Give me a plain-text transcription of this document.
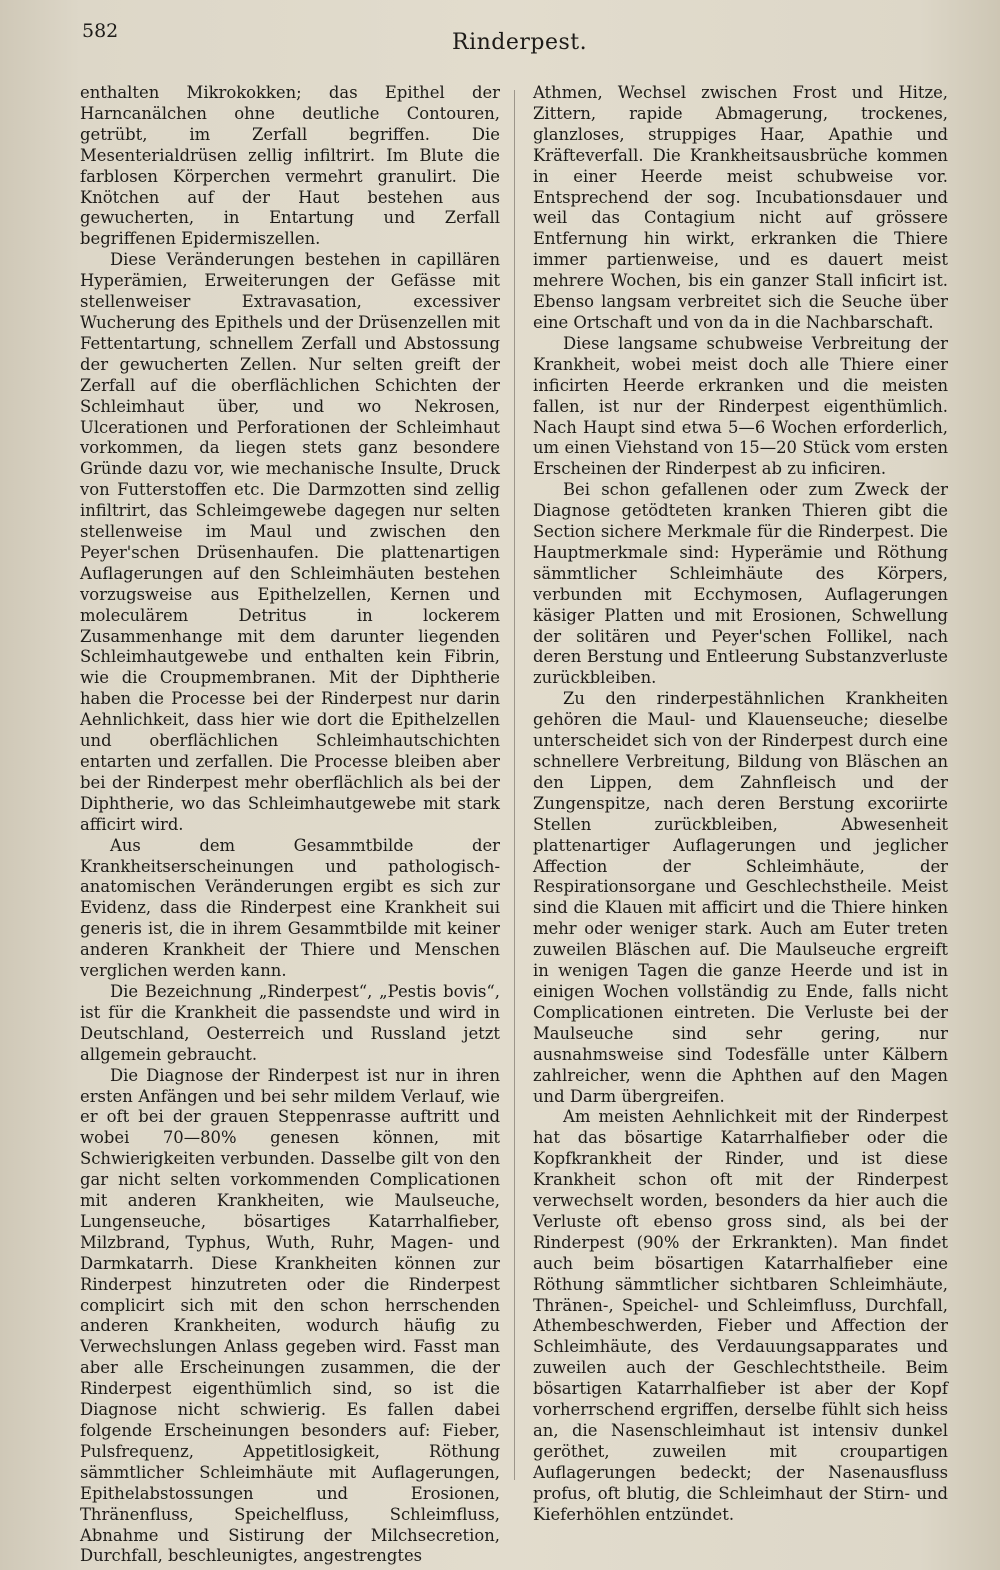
582	Rinderpest.

enthalten Mikrokokken; das Epithel der Harncanälchen ohne deutliche Contouren, getrübt, im Zerfall begriffen. Die Mesenterialdrüsen zellig infiltrirt. Im Blute die farblosen Körperchen vermehrt granulirt. Die Knötchen auf der Haut bestehen aus gewucherten, in Entartung und Zerfall begriffenen Epidermiszellen.

Diese Veränderungen bestehen in capillären Hyperämien, Erweiterungen der Gefässe mit stellenweiser Extravasation, excessiver Wucherung des Epithels und der Drüsenzellen mit Fettentartung, schnellem Zerfall und Abstossung der gewucherten Zellen. Nur selten greift der Zerfall auf die oberflächlichen Schichten der Schleimhaut über, und wo Nekrosen, Ulcerationen und Perforationen der Schleimhaut vorkommen, da liegen stets ganz besondere Gründe dazu vor, wie mechanische Insulte, Druck von Futterstoffen etc. Die Darmzotten sind zellig infiltrirt, das Schleimgewebe dagegen nur selten stellenweise im Maul und zwischen den Peyer'schen Drüsenhaufen. Die plattenartigen Auflagerungen auf den Schleimhäuten bestehen vorzugsweise aus Epithelzellen, Kernen und moleculärem Detritus in lockerem Zusammenhange mit dem darunter liegenden Schleimhautgewebe und enthalten kein Fibrin, wie die Croupmembranen. Mit der Diphtherie haben die Processe bei der Rinderpest nur darin Aehnlichkeit, dass hier wie dort die Epithelzellen und oberflächlichen Schleimhautschichten entarten und zerfallen. Die Processe bleiben aber bei der Rinderpest mehr oberflächlich als bei der Diphtherie, wo das Schleimhautgewebe mit stark afficirt wird.

Aus dem Gesammtbilde der Krankheitserscheinungen und pathologisch-anatomischen Veränderungen ergibt es sich zur Evidenz, dass die Rinderpest eine Krankheit sui generis ist, die in ihrem Gesammtbilde mit keiner anderen Krankheit der Thiere und Menschen verglichen werden kann.

Die Bezeichnung „Rinderpest“, „Pestis bovis“, ist für die Krankheit die passendste und wird in Deutschland, Oesterreich und Russland jetzt allgemein gebraucht.

Die Diagnose der Rinderpest ist nur in ihren ersten Anfängen und bei sehr mildem Verlauf, wie er oft bei der grauen Steppenrasse auftritt und wobei 70—80% genesen können, mit Schwierigkeiten verbunden. Dasselbe gilt von den gar nicht selten vorkommenden Complicationen mit anderen Krankheiten, wie Maulseuche, Lungenseuche, bösartiges Katarrhalfieber, Milzbrand, Typhus, Wuth, Ruhr, Magen- und Darmkatarrh. Diese Krankheiten können zur Rinderpest hinzutreten oder die Rinderpest complicirt sich mit den schon herrschenden anderen Krankheiten, wodurch häufig zu Verwechslungen Anlass gegeben wird. Fasst man aber alle Erscheinungen zusammen, die der Rinderpest eigenthümlich sind, so ist die Diagnose nicht schwierig. Es fallen dabei folgende Erscheinungen besonders auf: Fieber, Pulsfrequenz, Appetitlosigkeit, Röthung sämmtlicher Schleimhäute mit Auflagerungen, Epithelabstossungen und Erosionen, Thränenfluss, Speichelfluss, Schleimfluss, Abnahme und Sistirung der Milchsecretion, Durchfall, beschleunigtes, angestrengtes

Athmen, Wechsel zwischen Frost und Hitze, Zittern, rapide Abmagerung, trockenes, glanzloses, struppiges Haar, Apathie und Kräfteverfall. Die Krankheitsausbrüche kommen in einer Heerde meist schubweise vor. Entsprechend der sog. Incubationsdauer und weil das Contagium nicht auf grössere Entfernung hin wirkt, erkranken die Thiere immer partienweise, und es dauert meist mehrere Wochen, bis ein ganzer Stall inficirt ist. Ebenso langsam verbreitet sich die Seuche über eine Ortschaft und von da in die Nachbarschaft.

Diese langsame schubweise Verbreitung der Krankheit, wobei meist doch alle Thiere einer inficirten Heerde erkranken und die meisten fallen, ist nur der Rinderpest eigenthümlich. Nach Haupt sind etwa 5—6 Wochen erforderlich, um einen Viehstand von 15—20 Stück vom ersten Erscheinen der Rinderpest ab zu inficiren.

Bei schon gefallenen oder zum Zweck der Diagnose getödteten kranken Thieren gibt die Section sichere Merkmale für die Rinderpest. Die Hauptmerkmale sind: Hyperämie und Röthung sämmtlicher Schleimhäute des Körpers, verbunden mit Ecchymosen, Auflagerungen käsiger Platten und mit Erosionen, Schwellung der solitären und Peyer'schen Follikel, nach deren Berstung und Entleerung Substanzverluste zurückbleiben.

Zu den rinderpestähnlichen Krankheiten gehören die Maul- und Klauenseuche; dieselbe unterscheidet sich von der Rinderpest durch eine schnellere Verbreitung, Bildung von Bläschen an den Lippen, dem Zahnfleisch und der Zungenspitze, nach deren Berstung excoriirte Stellen zurückbleiben, Abwesenheit plattenartiger Auflagerungen und jeglicher Affection der Schleimhäute, der Respirationsorgane und Geschlechstheile. Meist sind die Klauen mit afficirt und die Thiere hinken mehr oder weniger stark. Auch am Euter treten zuweilen Bläschen auf. Die Maulseuche ergreift in wenigen Tagen die ganze Heerde und ist in einigen Wochen vollständig zu Ende, falls nicht Complicationen eintreten. Die Verluste bei der Maulseuche sind sehr gering, nur ausnahmsweise sind Todesfälle unter Kälbern zahlreicher, wenn die Aphthen auf den Magen und Darm übergreifen.

Am meisten Aehnlichkeit mit der Rinderpest hat das bösartige Katarrhalfieber oder die Kopfkrankheit der Rinder, und ist diese Krankheit schon oft mit der Rinderpest verwechselt worden, besonders da hier auch die Verluste oft ebenso gross sind, als bei der Rinderpest (90% der Erkrankten). Man findet auch beim bösartigen Katarrhalfieber eine Röthung sämmtlicher sichtbaren Schleimhäute, Thränen-, Speichel- und Schleimfluss, Durchfall, Athembeschwerden, Fieber und Affection der Schleimhäute, des Verdauungsapparates und zuweilen auch der Geschlechtstheile. Beim bösartigen Katarrhalfieber ist aber der Kopf vorherrschend ergriffen, derselbe fühlt sich heiss an, die Nasenschleimhaut ist intensiv dunkel geröthet, zuweilen mit croupartigen Auflagerungen bedeckt; der Nasenausfluss profus, oft blutig, die Schleimhaut der Stirn- und Kieferhöhlen entzündet.
